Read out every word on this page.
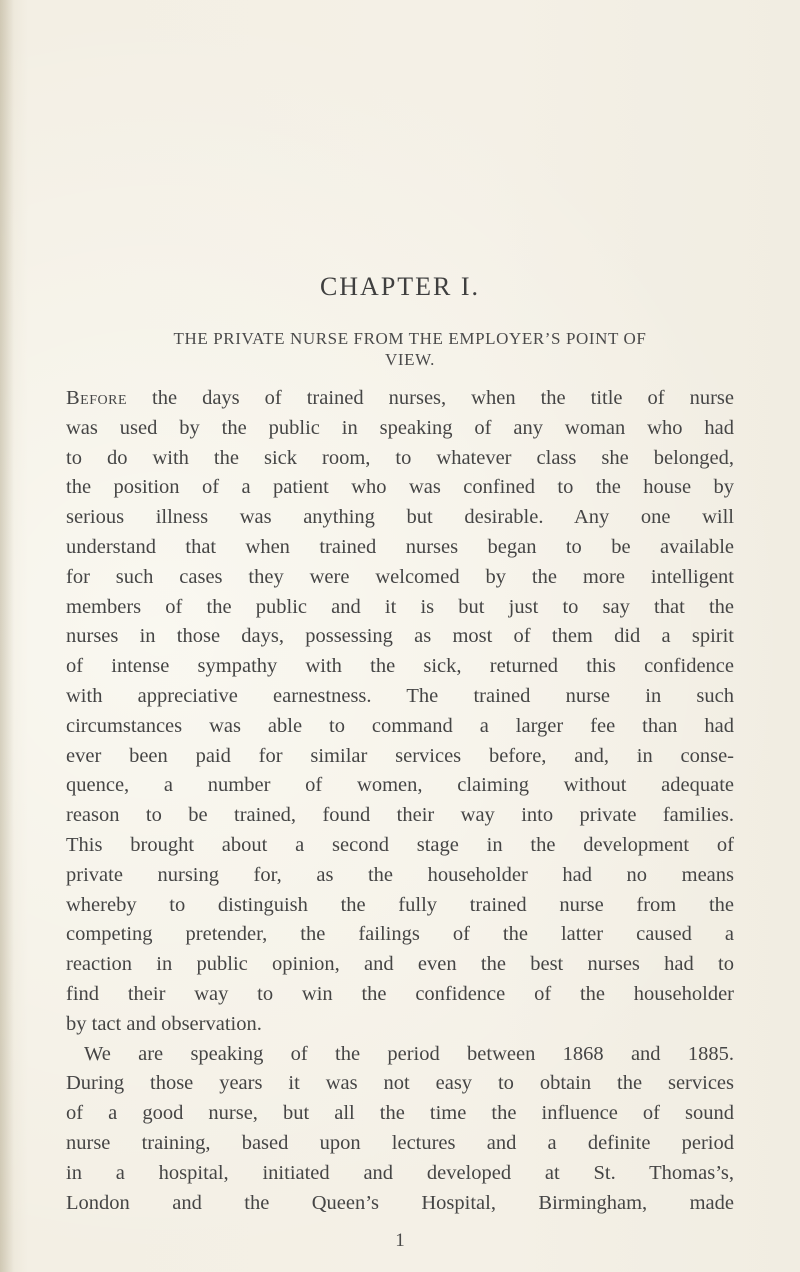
CHAPTER I.
THE PRIVATE NURSE FROM THE EMPLOYER’S POINT OF VIEW.
Before the days of trained nurses, when the title of nurse
was used by the public in speaking of any woman who had
to do with the sick room, to whatever class she belonged,
the position of a patient who was confined to the house by
serious illness was anything but desirable. Any one will
understand that when trained nurses began to be available
for such cases they were welcomed by the more intelligent
members of the public and it is but just to say that the
nurses in those days, possessing as most of them did a spirit
of intense sympathy with the sick, returned this confidence
with appreciative earnestness. The trained nurse in such
circumstances was able to command a larger fee than had
ever been paid for similar services before, and, in conse-
quence, a number of women, claiming without adequate
reason to be trained, found their way into private families.
This brought about a second stage in the development of
private nursing for, as the householder had no means
whereby to distinguish the fully trained nurse from the
competing pretender, the failings of the latter caused a
reaction in public opinion, and even the best nurses had to
find their way to win the confidence of the householder
by tact and observation.
We are speaking of the period between 1868 and 1885.
During those years it was not easy to obtain the services
of a good nurse, but all the time the influence of sound
nurse training, based upon lectures and a definite period
in a hospital, initiated and developed at St. Thomas’s,
London and the Queen’s Hospital, Birmingham, made

1
